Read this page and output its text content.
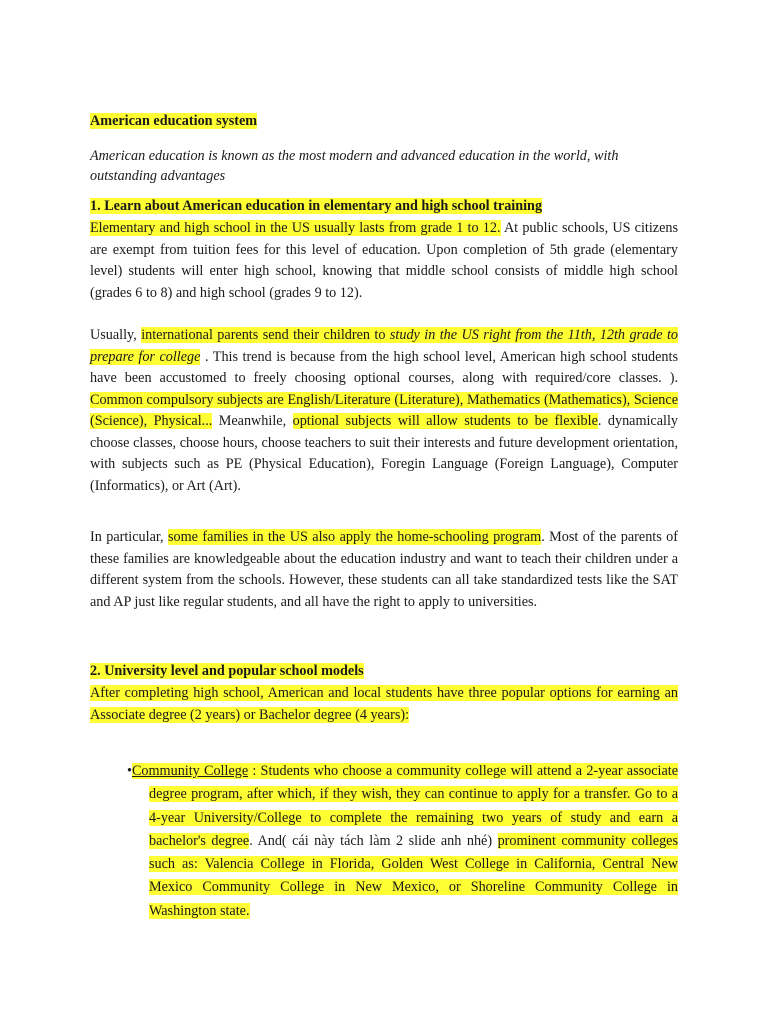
American education system
American education is known as the most modern and advanced education in the world, with outstanding advantages
1. Learn about American education in elementary and high school training
Elementary and high school in the US usually lasts from grade 1 to 12. At public schools, US citizens are exempt from tuition fees for this level of education. Upon completion of 5th grade (elementary level) students will enter high school, knowing that middle school consists of middle high school (grades 6 to 8) and high school (grades 9 to 12).
Usually, international parents send their children to study in the US right from the 11th, 12th grade to prepare for college . This trend is because from the high school level, American high school students have been accustomed to freely choosing optional courses, along with required/core classes. ). Common compulsory subjects are English/Literature (Literature), Mathematics (Mathematics), Science (Science), Physical... Meanwhile, optional subjects will allow students to be flexible. dynamically choose classes, choose hours, choose teachers to suit their interests and future development orientation, with subjects such as PE (Physical Education), Foregin Language (Foreign Language), Computer (Informatics), or Art (Art).
In particular, some families in the US also apply the home-schooling program. Most of the parents of these families are knowledgeable about the education industry and want to teach their children under a different system from the schools. However, these students can all take standardized tests like the SAT and AP just like regular students, and all have the right to apply to universities.
2. University level and popular school models
After completing high school, American and local students have three popular options for earning an Associate degree (2 years) or Bachelor degree (4 years):
•Community College : Students who choose a community college will attend a 2-year associate degree program, after which, if they wish, they can continue to apply for a transfer. Go to a 4-year University/College to complete the remaining two years of study and earn a bachelor's degree. And( cái này tách làm 2 slide anh nhé) prominent community colleges such as: Valencia College in Florida, Golden West College in California, Central New Mexico Community College in New Mexico, or Shoreline Community College in Washington state.
